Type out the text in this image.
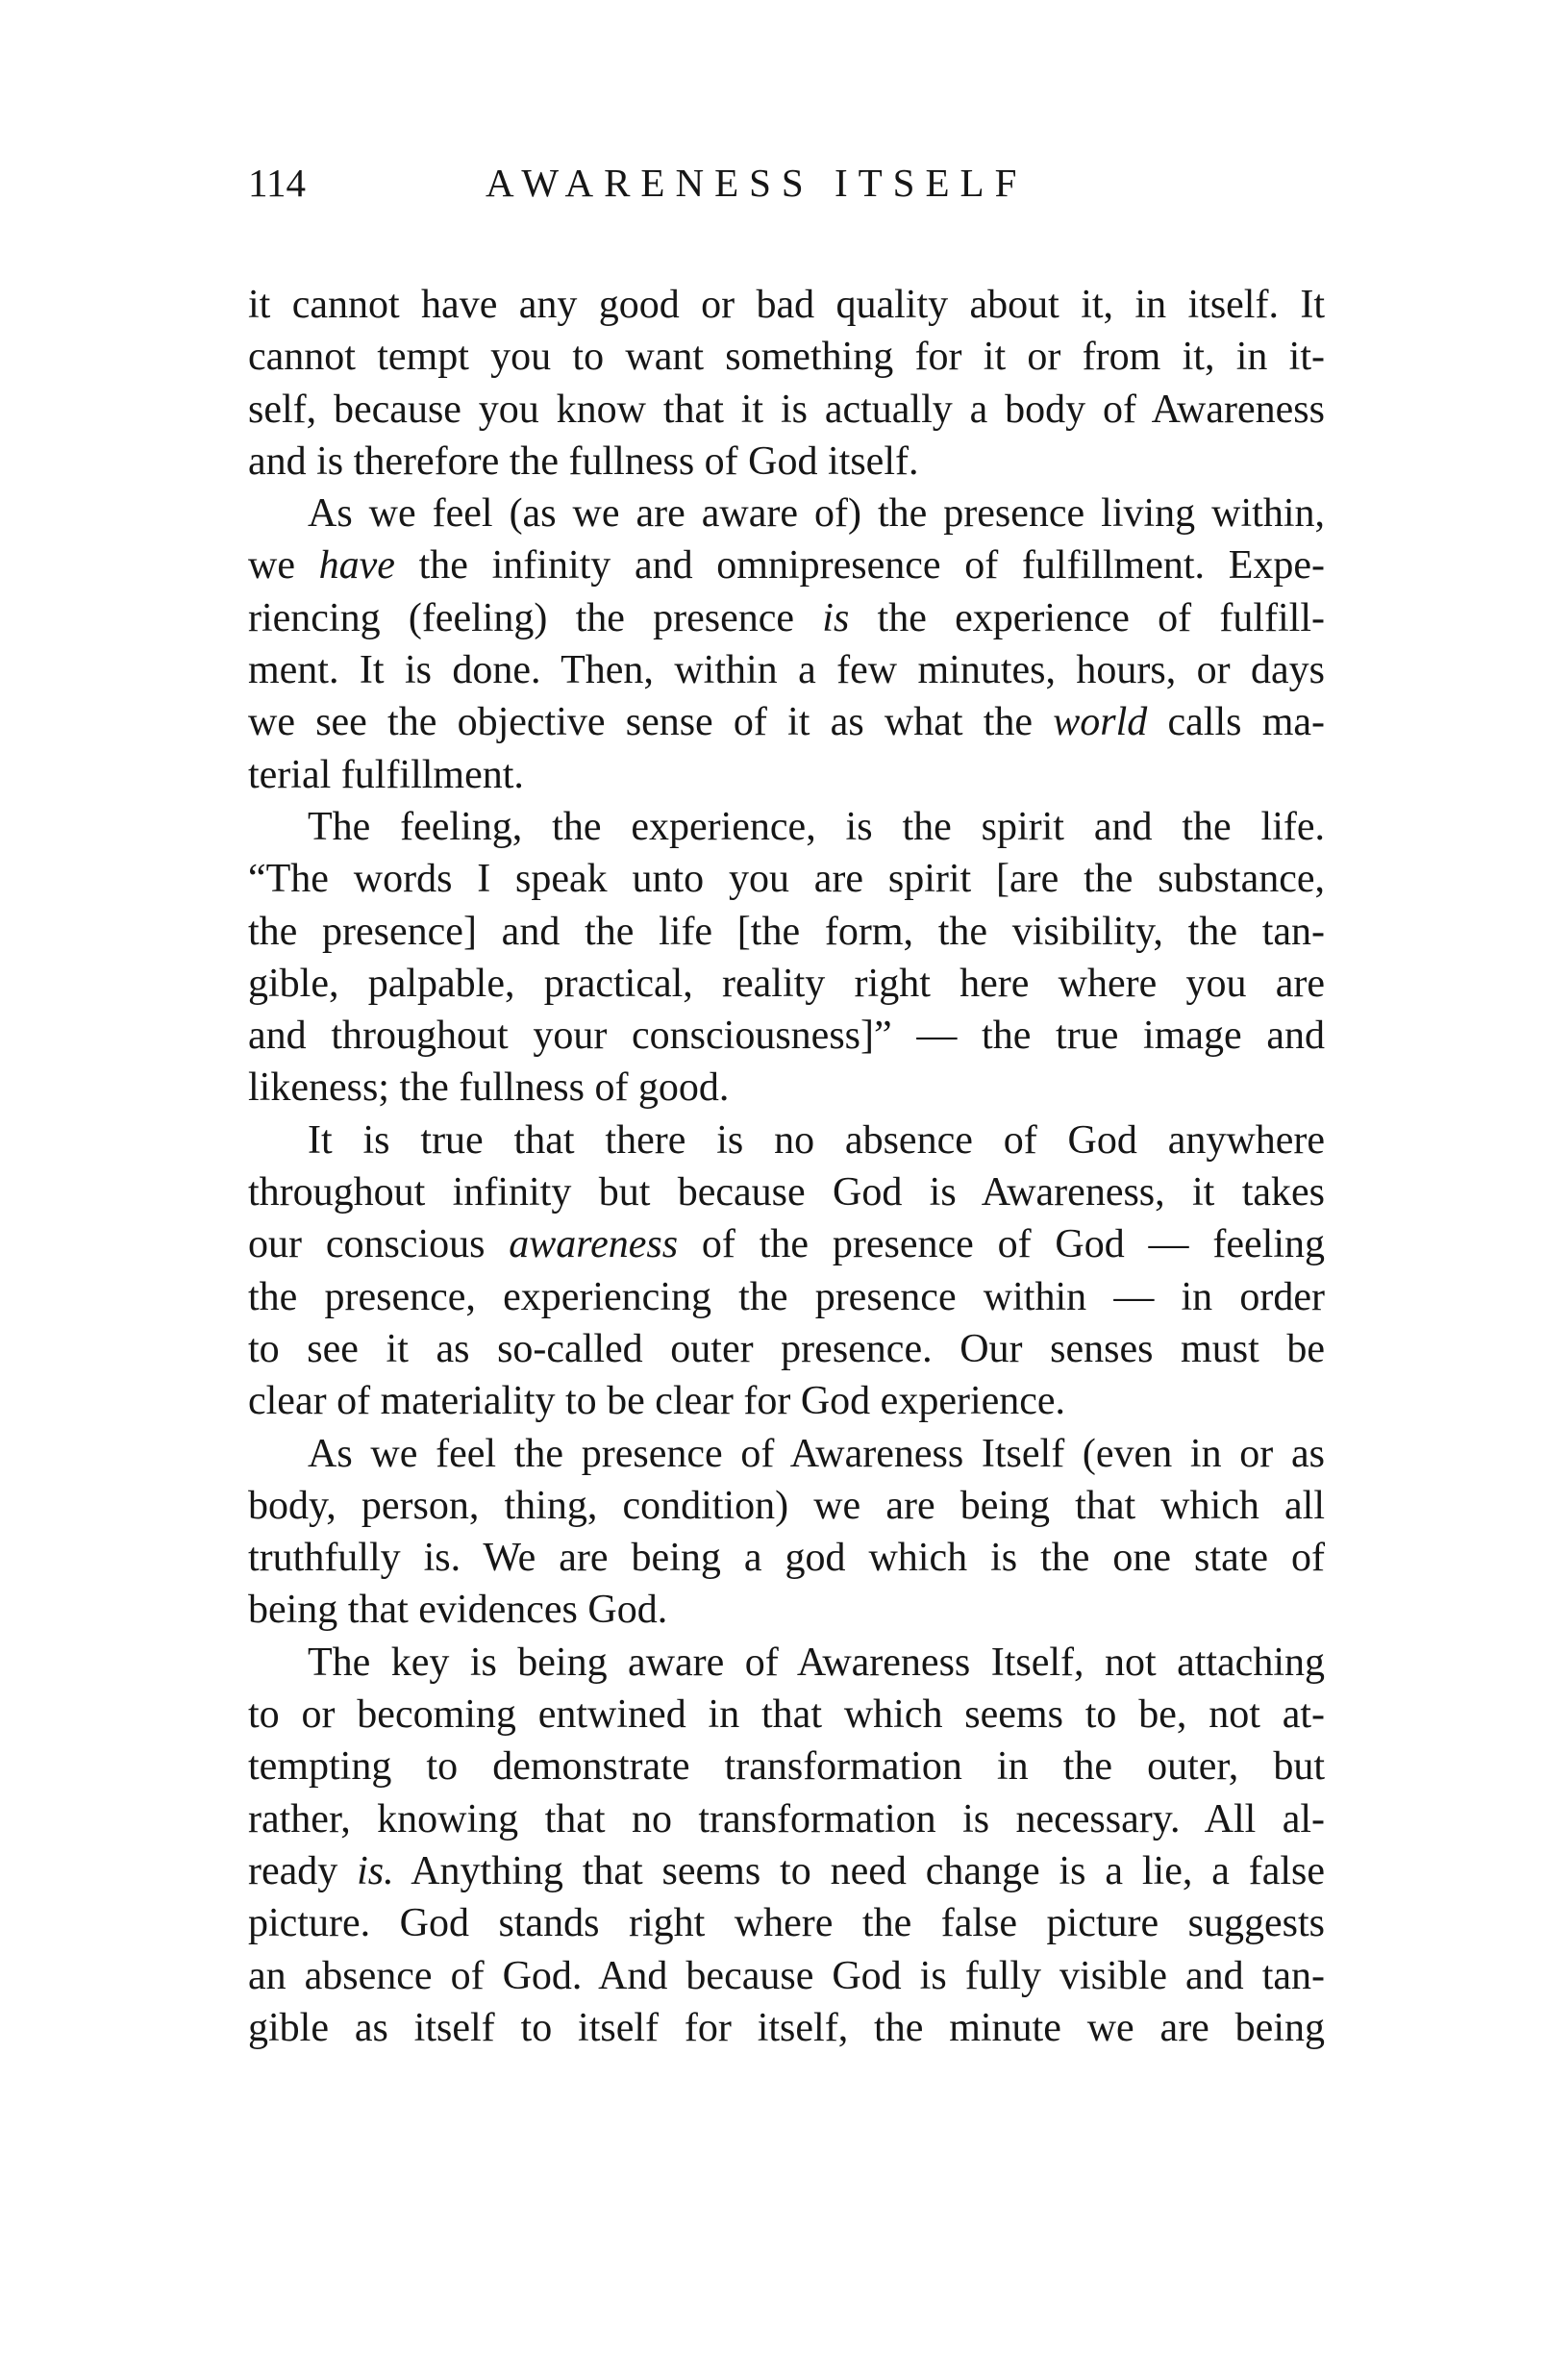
114	AWARENESS ITSELF

it cannot have any good or bad quality about it, in itself. It
cannot tempt you to want something for it or from it, in it-
self, because you know that it is actually a body of Awareness
and is therefore the fullness of God itself.

As we feel (as we are aware of) the presence living within,
we have the infinity and omnipresence of fulfillment. Expe-
riencing (feeling) the presence is the experience of fulfill-
ment. It is done. Then, within a few minutes, hours, or days
we see the objective sense of it as what the world calls ma-
terial fulfillment.

The feeling, the experience, is the spirit and the life.
“The words I speak unto you are spirit [are the substance,
the presence] and the life [the form, the visibility, the tan-
gible, palpable, practical, reality right here where you are
and throughout your consciousness]” — the true image and
likeness; the fullness of good.

It is true that there is no absence of God anywhere
throughout infinity but because God is Awareness, it takes
our conscious awareness of the presence of God — feeling
the presence, experiencing the presence within — in order
to see it as so-called outer presence. Our senses must be
clear of materiality to be clear for God experience.

As we feel the presence of Awareness Itself (even in or as
body, person, thing, condition) we are being that which all
truthfully is. We are being a god which is the one state of
being that evidences God.

The key is being aware of Awareness Itself, not attaching
to or becoming entwined in that which seems to be, not at-
tempting to demonstrate transformation in the outer, but
rather, knowing that no transformation is necessary. All al-
ready is. Anything that seems to need change is a lie, a false
picture. God stands right where the false picture suggests
an absence of God. And because God is fully visible and tan-
gible as itself to itself for itself, the minute we are being
